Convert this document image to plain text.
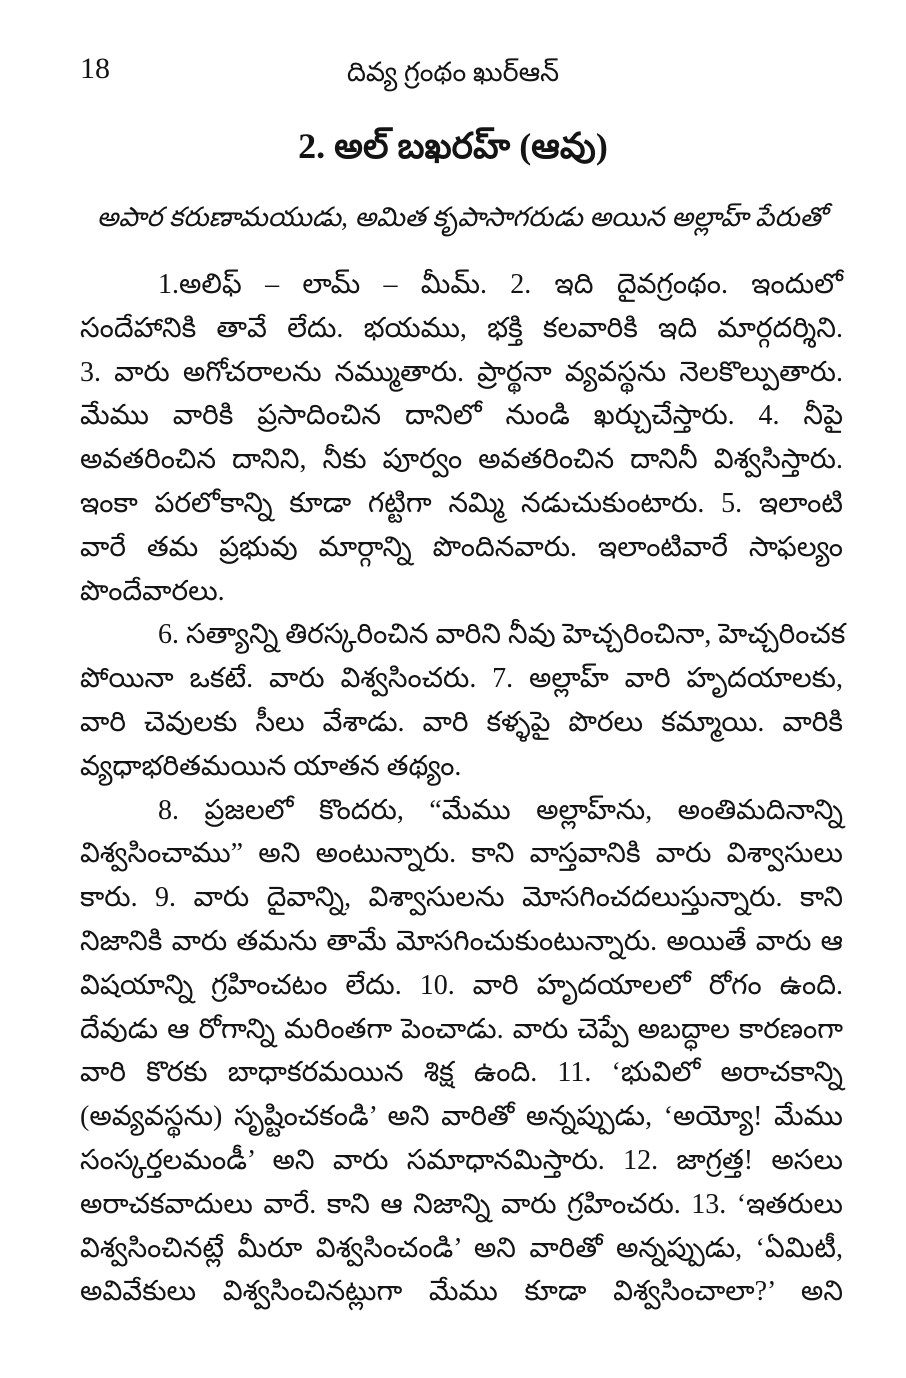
18	దివ్య గ్రంథం ఖుర్ఆన్
2. అల్ బఖరహ్ (ఆవు)
అపార కరుణామయుడు, అమిత కృపాసాగరుడు అయిన అల్లాహ్ పేరుతో
1.అలిఫ్ – లామ్ – మీమ్. 2. ఇది దైవగ్రంథం. ఇందులో
సందేహానికి తావే లేదు. భయము, భక్తి కలవారికి ఇది మార్గదర్శిని.
3. వారు అగోచరాలను నమ్ముతారు. ప్రార్థనా వ్యవస్థను నెలకొల్పుతారు.
మేము వారికి ప్రసాదించిన దానిలో నుండి ఖర్చుచేస్తారు. 4. నీపై
అవతరించిన దానిని, నీకు పూర్వం అవతరించిన దానినీ విశ్వసిస్తారు.
ఇంకా పరలోకాన్ని కూడా గట్టిగా నమ్మి నడుచుకుంటారు. 5. ఇలాంటి
వారే తమ ప్రభువు మార్గాన్ని పొందినవారు. ఇలాంటివారే సాఫల్యం
పొందేవారలు.
6. సత్యాన్ని తిరస్కరించిన వారిని నీవు హెచ్చరించినా, హెచ్చరించక
పోయినా ఒకటే. వారు విశ్వసించరు. 7. అల్లాహ్ వారి హృదయాలకు,
వారి చెవులకు సీలు వేశాడు. వారి కళ్ళపై పొరలు కమ్మాయి. వారికి
వ్యధాభరితమయిన యాతన తథ్యం.
8. ప్రజలలో కొందరు, “మేము అల్లాహ్‌ను, అంతిమదినాన్ని
విశ్వసించాము” అని అంటున్నారు. కాని వాస్తవానికి వారు విశ్వాసులు
కారు. 9. వారు దైవాన్ని, విశ్వాసులను మోసగించదలుస్తున్నారు. కాని
నిజానికి వారు తమను తామే మోసగించుకుంటున్నారు. అయితే వారు ఆ
విషయాన్ని గ్రహించటం లేదు. 10. వారి హృదయాలలో రోగం ఉంది.
దేవుడు ఆ రోగాన్ని మరింతగా పెంచాడు. వారు చెప్పే అబద్ధాల కారణంగా
వారి కొరకు బాధాకరమయిన శిక్ష ఉంది. 11. ‘భువిలో అరాచకాన్ని
(అవ్యవస్థను) సృష్టించకండి’ అని వారితో అన్నప్పుడు, ‘అయ్యో! మేము
సంస్కర్తలమండీ’ అని వారు సమాధానమిస్తారు. 12. జాగ్రత్త! అసలు
అరాచకవాదులు వారే. కాని ఆ నిజాన్ని వారు గ్రహించరు. 13. ‘ఇతరులు
విశ్వసించినట్లే మీరూ విశ్వసించండి’ అని వారితో అన్నప్పుడు, ‘ఏమిటీ,
అవివేకులు విశ్వసించినట్లుగా మేము కూడా విశ్వసించాలా?’ అని
